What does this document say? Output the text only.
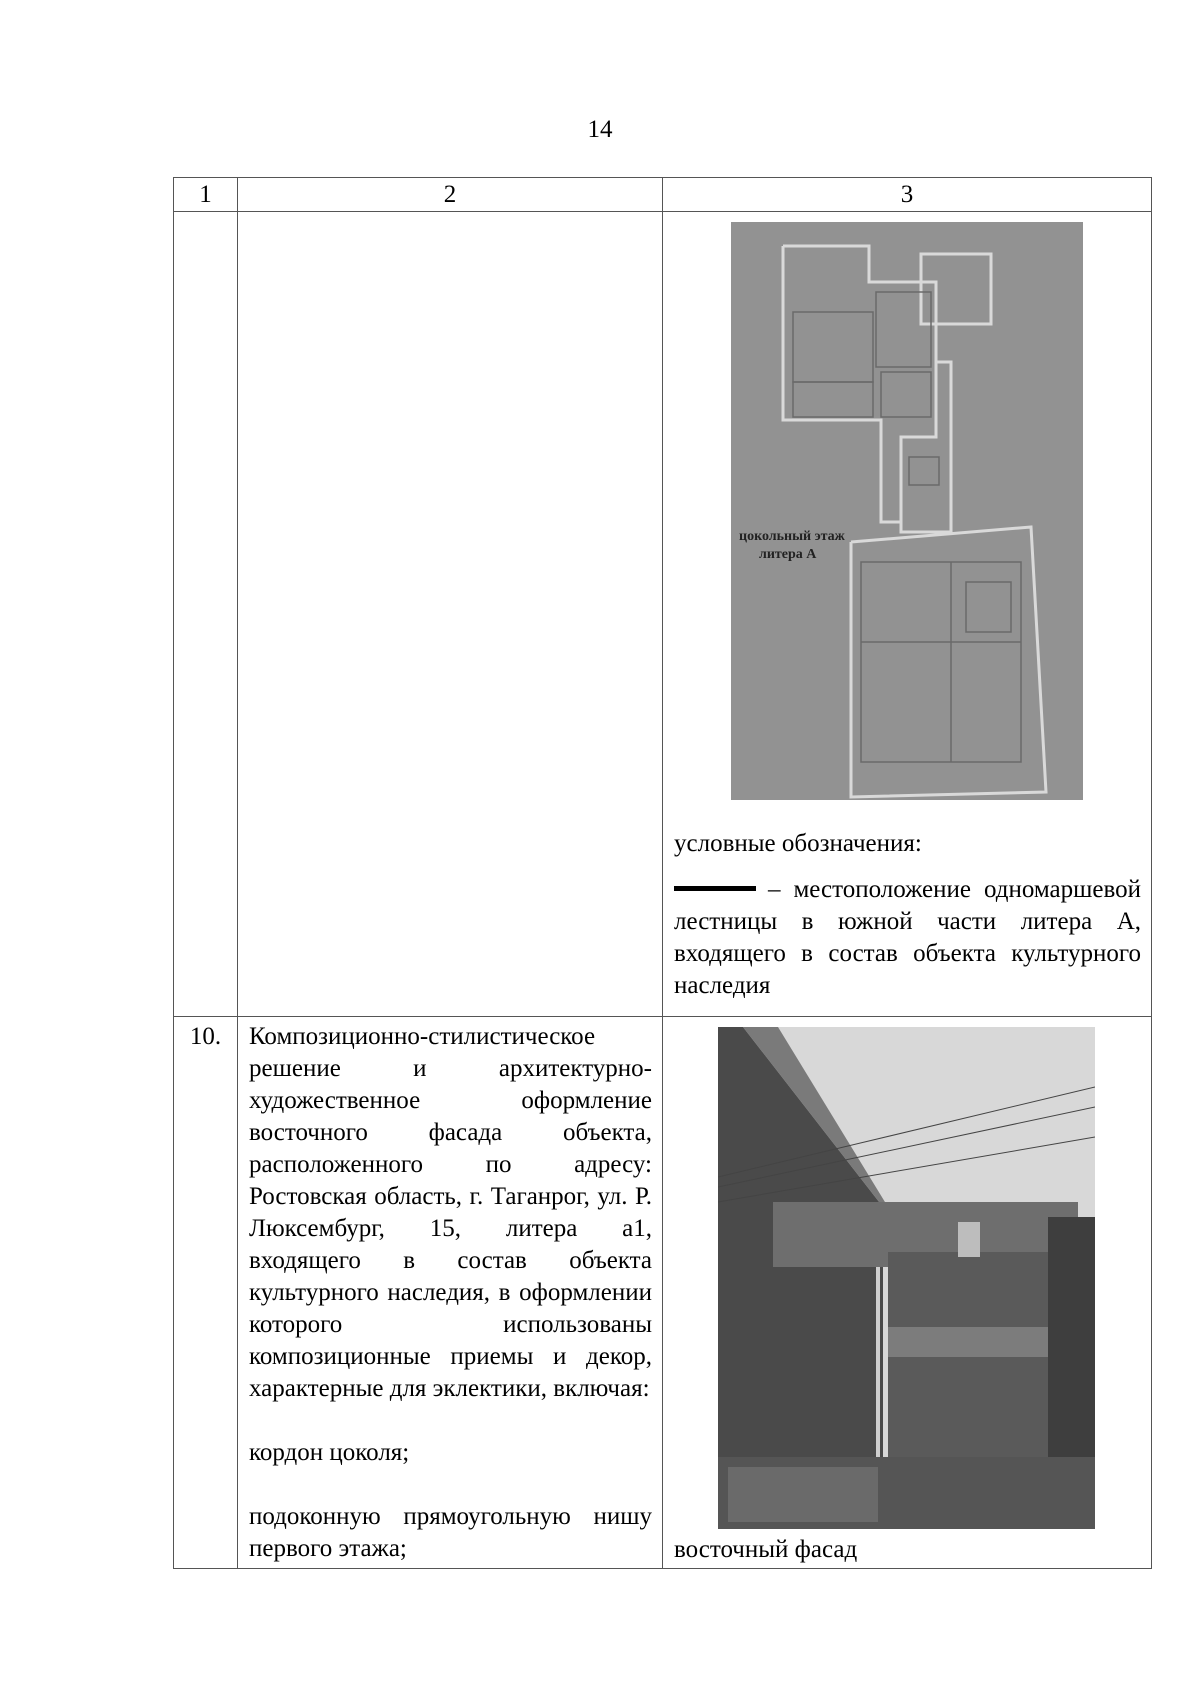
14
1	2	3

цокольный этаж
литера А
условные обозначения:

– местоположение одномаршевой лестницы в южной части литера А, входящего в состав объекта культурного наследия

10.	Композиционно-стилистическое решение и архитектурно-художественное оформление восточного фасада объекта, расположенного по адресу: Ростовская область, г. Таганрог, ул. Р. Люксембург, 15, литера а1, входящего в состав объекта культурного наследия, в оформлении которого использованы композиционные приемы и декор, характерные для эклектики, включая:

кордон цоколя;

подоконную прямоугольную нишу первого этажа;	восточный фасад
